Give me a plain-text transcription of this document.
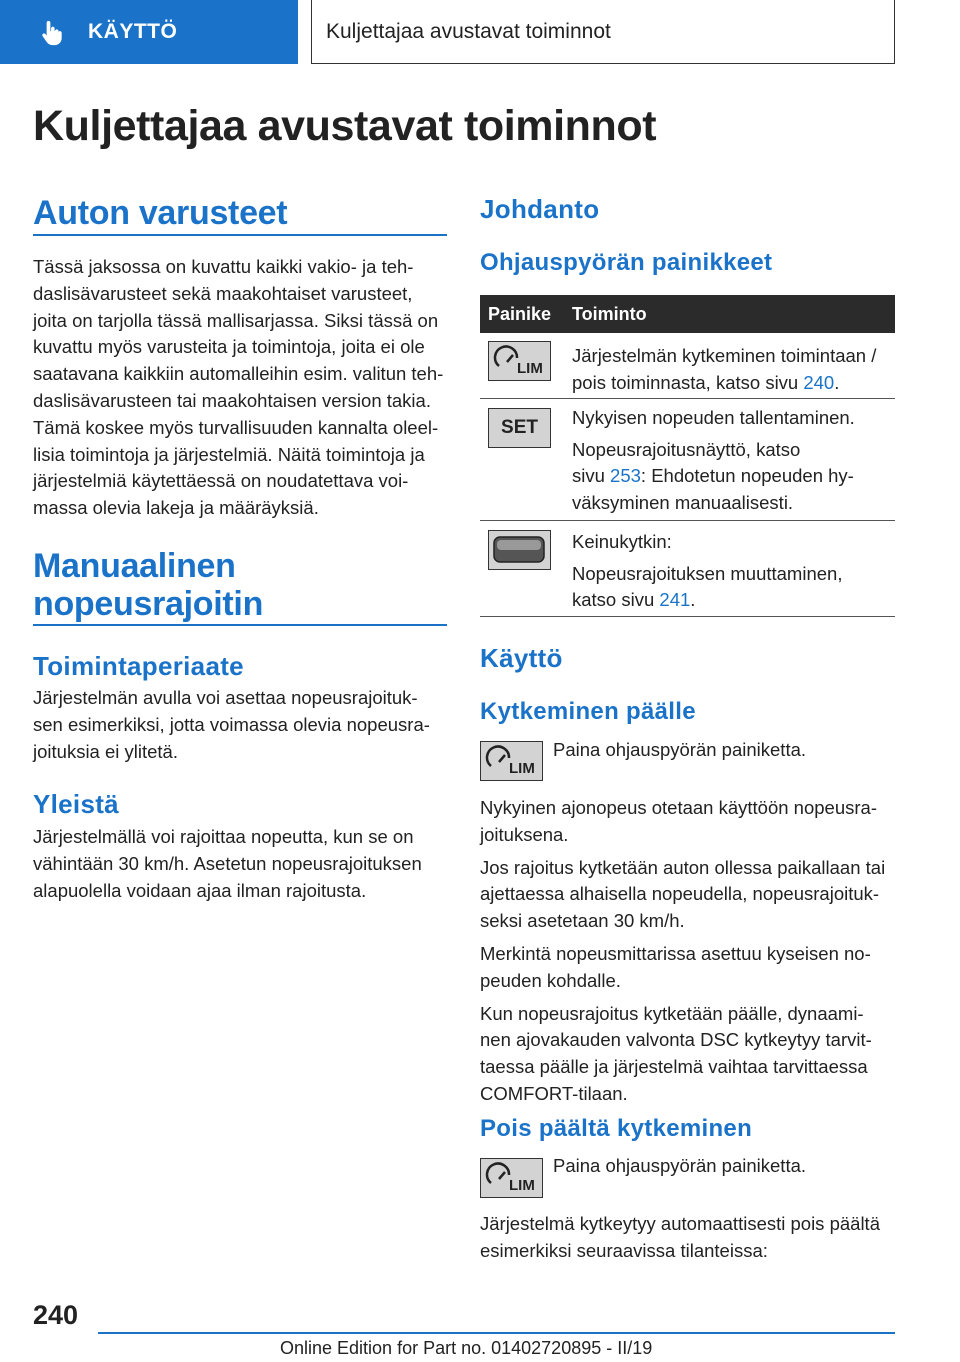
KÄYTTÖ	Kuljettajaa avustavat toiminnot
Kuljettajaa avustavat toiminnot
Auton varusteet
Tässä jaksossa on kuvattu kaikki vakio- ja teh-
daslisävarusteet sekä maakohtaiset varusteet,
joita on tarjolla tässä mallisarjassa. Siksi tässä on
kuvattu myös varusteita ja toimintoja, joita ei ole
saatavana kaikkiin automalleihin esim. valitun teh-
daslisävarusteen tai maakohtaisen version takia.
Tämä koskee myös turvallisuuden kannalta oleel-
lisia toimintoja ja järjestelmiä. Näitä toimintoja ja
järjestelmiä käytettäessä on noudatettava voi-
massa olevia lakeja ja määräyksiä.
Manuaalinen
nopeusrajoitin
Toimintaperiaate
Järjestelmän avulla voi asettaa nopeusrajoituk-
sen esimerkiksi, jotta voimassa olevia nopeusra-
joituksia ei ylitetä.
Yleistä
Järjestelmällä voi rajoittaa nopeutta, kun se on
vähintään 30 km/h. Asetetun nopeusrajoituksen
alapuolella voidaan ajaa ilman rajoitusta.
Johdanto
Ohjauspyörän painikkeet
Painike Toiminto
LIM
Järjestelmän kytkeminen toimintaan /
pois toiminnasta, katso sivu 240.
SET Nykyisen nopeuden tallentaminen.
Nopeusrajoitusnäyttö, katso
sivu 253: Ehdotetun nopeuden hy-
väksyminen manuaalisesti.
Keinukytkin:
Nopeusrajoituksen muuttaminen,
katso sivu 241.
Käyttö
Kytkeminen päälle
LIM
Paina ohjauspyörän painiketta.
Nykyinen ajonopeus otetaan käyttöön nopeusra-
joituksena.
Jos rajoitus kytketään auton ollessa paikallaan tai
ajettaessa alhaisella nopeudella, nopeusrajoituk-
seksi asetetaan 30 km/h.
Merkintä nopeusmittarissa asettuu kyseisen no-
peuden kohdalle.
Kun nopeusrajoitus kytketään päälle, dynaami-
nen ajovakauden valvonta DSC kytkeytyy tarvit-
taessa päälle ja järjestelmä vaihtaa tarvittaessa
COMFORT-tilaan.
Pois päältä kytkeminen
LIM
Paina ohjauspyörän painiketta.
Järjestelmä kytkeytyy automaattisesti pois päältä
esimerkiksi seuraavissa tilanteissa:
240
Online Edition for Part no. 01402720895 - II/19
